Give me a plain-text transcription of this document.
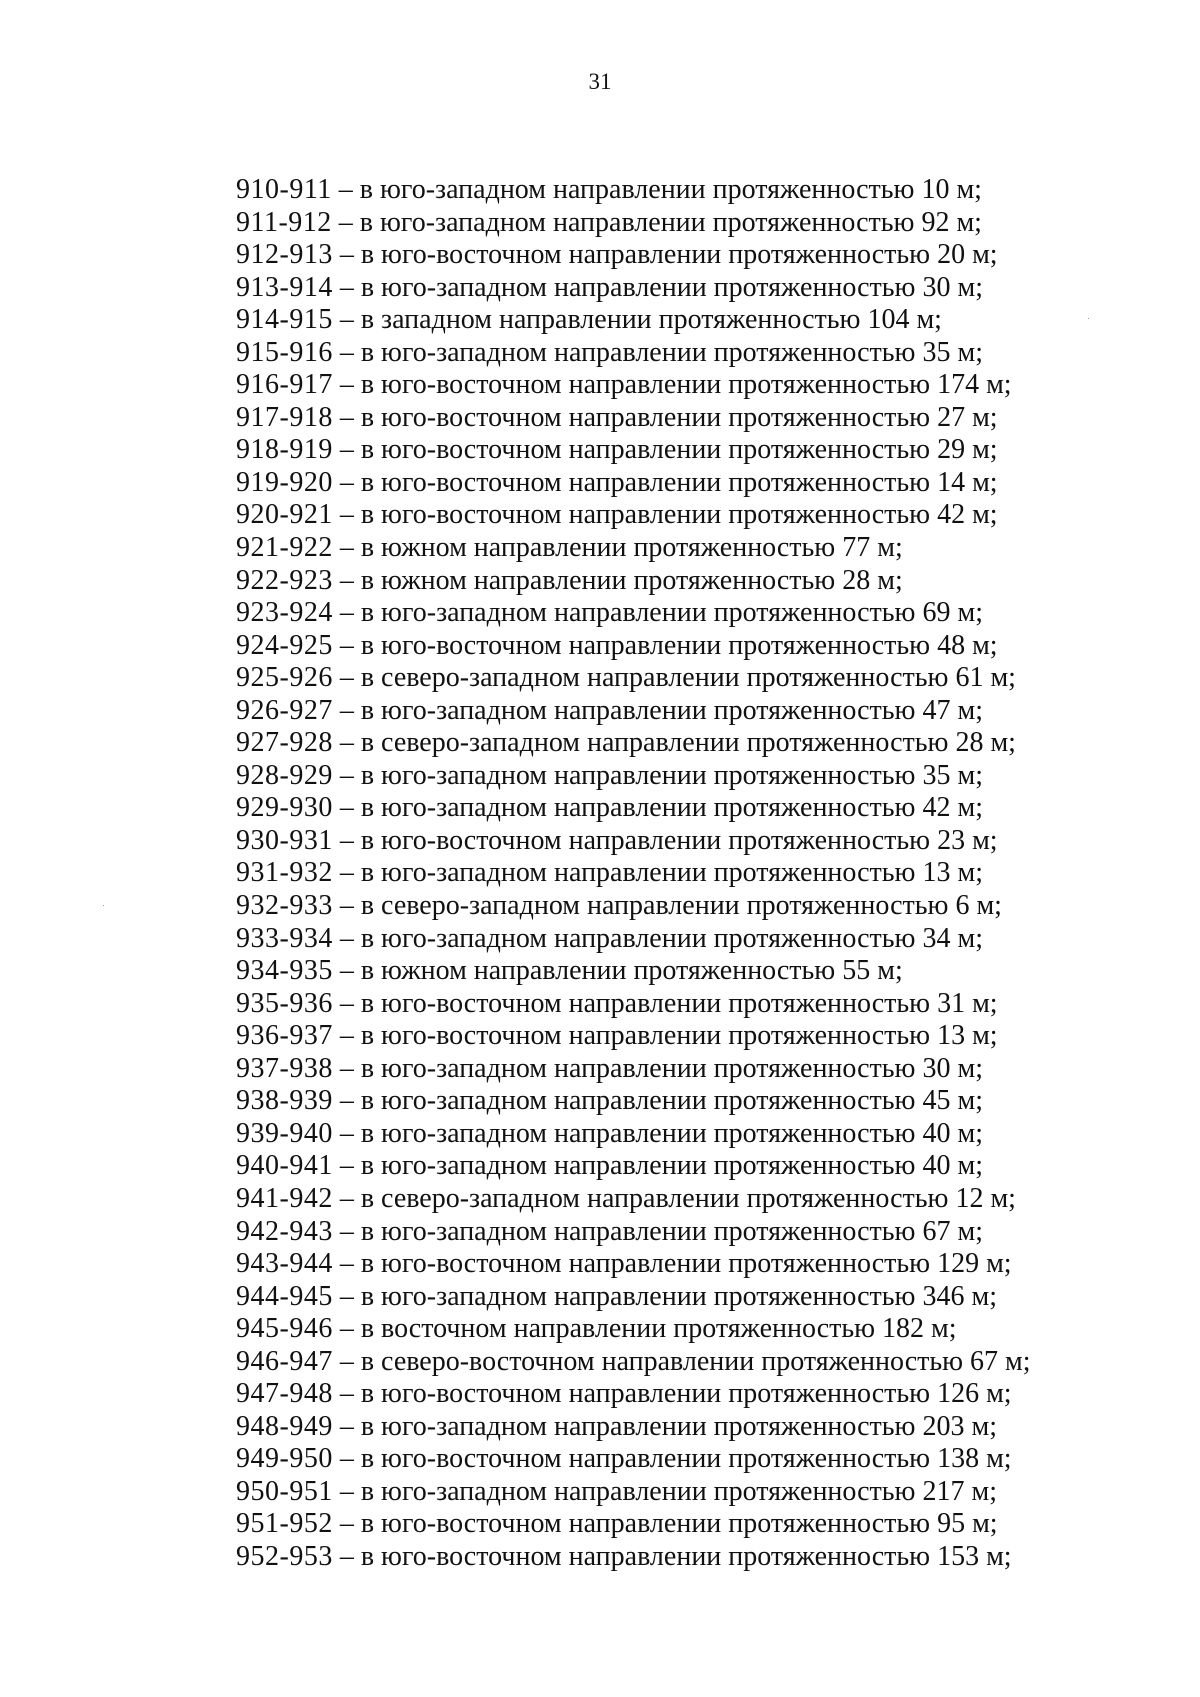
31
910-911 – в юго-западном направлении протяженностью 10 м;
911-912 – в юго-западном направлении протяженностью 92 м;
912-913 – в юго-восточном направлении протяженностью 20 м;
913-914 – в юго-западном направлении протяженностью 30 м;
914-915 – в западном направлении протяженностью 104 м;
915-916 – в юго-западном направлении протяженностью 35 м;
916-917 – в юго-восточном направлении протяженностью 174 м;
917-918 – в юго-восточном направлении протяженностью 27 м;
918-919 – в юго-восточном направлении протяженностью 29 м;
919-920 – в юго-восточном направлении протяженностью 14 м;
920-921 – в юго-восточном направлении протяженностью 42 м;
921-922 – в южном направлении протяженностью 77 м;
922-923 – в южном направлении протяженностью 28 м;
923-924 – в юго-западном направлении протяженностью 69 м;
924-925 – в юго-восточном направлении протяженностью 48 м;
925-926 – в северо-западном направлении протяженностью 61 м;
926-927 – в юго-западном направлении протяженностью 47 м;
927-928 – в северо-западном направлении протяженностью 28 м;
928-929 – в юго-западном направлении протяженностью 35 м;
929-930 – в юго-западном направлении протяженностью 42 м;
930-931 – в юго-восточном направлении протяженностью 23 м;
931-932 – в юго-западном направлении протяженностью 13 м;
932-933 – в северо-западном направлении протяженностью 6 м;
933-934 – в юго-западном направлении протяженностью 34 м;
934-935 – в южном направлении протяженностью 55 м;
935-936 – в юго-восточном направлении протяженностью 31 м;
936-937 – в юго-восточном направлении протяженностью 13 м;
937-938 – в юго-западном направлении протяженностью 30 м;
938-939 – в юго-западном направлении протяженностью 45 м;
939-940 – в юго-западном направлении протяженностью 40 м;
940-941 – в юго-западном направлении протяженностью 40 м;
941-942 – в северо-западном направлении протяженностью 12 м;
942-943 – в юго-западном направлении протяженностью 67 м;
943-944 – в юго-восточном направлении протяженностью 129 м;
944-945 – в юго-западном направлении протяженностью 346 м;
945-946 – в восточном направлении протяженностью 182 м;
946-947 – в северо-восточном направлении протяженностью 67 м;
947-948 – в юго-восточном направлении протяженностью 126 м;
948-949 – в юго-западном направлении протяженностью 203 м;
949-950 – в юго-восточном направлении протяженностью 138 м;
950-951 – в юго-западном направлении протяженностью 217 м;
951-952 – в юго-восточном направлении протяженностью 95 м;
952-953 – в юго-восточном направлении протяженностью 153 м;
